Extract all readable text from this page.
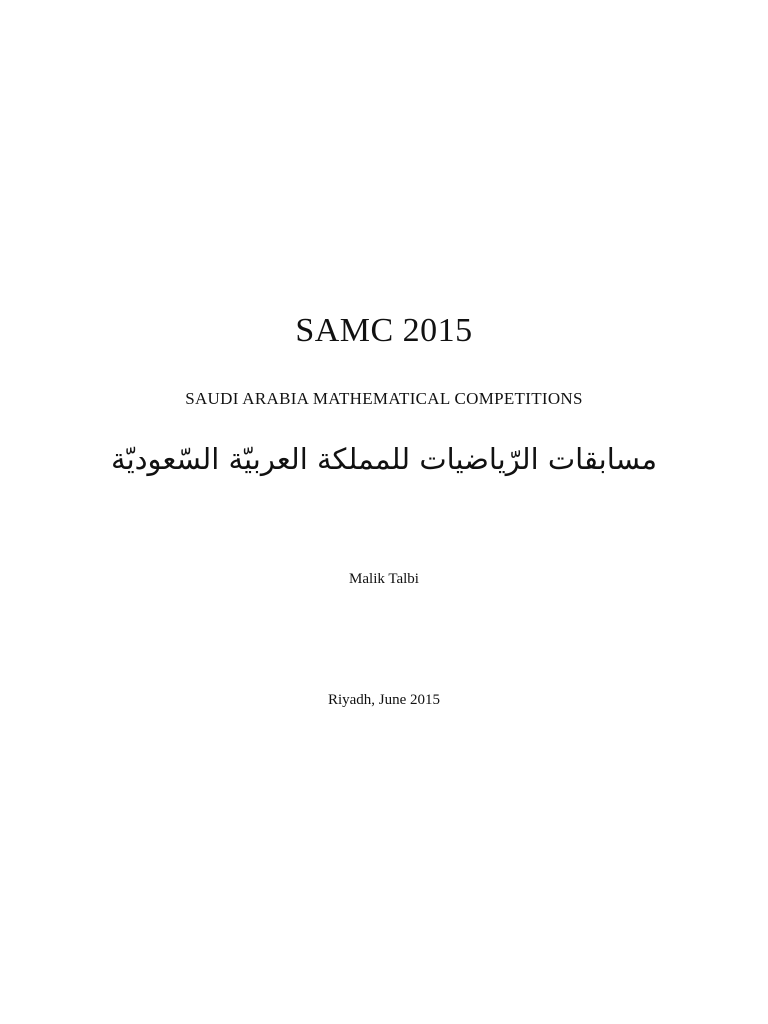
SAMC 2015
SAUDI ARABIA MATHEMATICAL COMPETITIONS
مسابقات الرّياضيات للمملكة العربيّة السّعوديّة
Malik Talbi
Riyadh, June 2015
